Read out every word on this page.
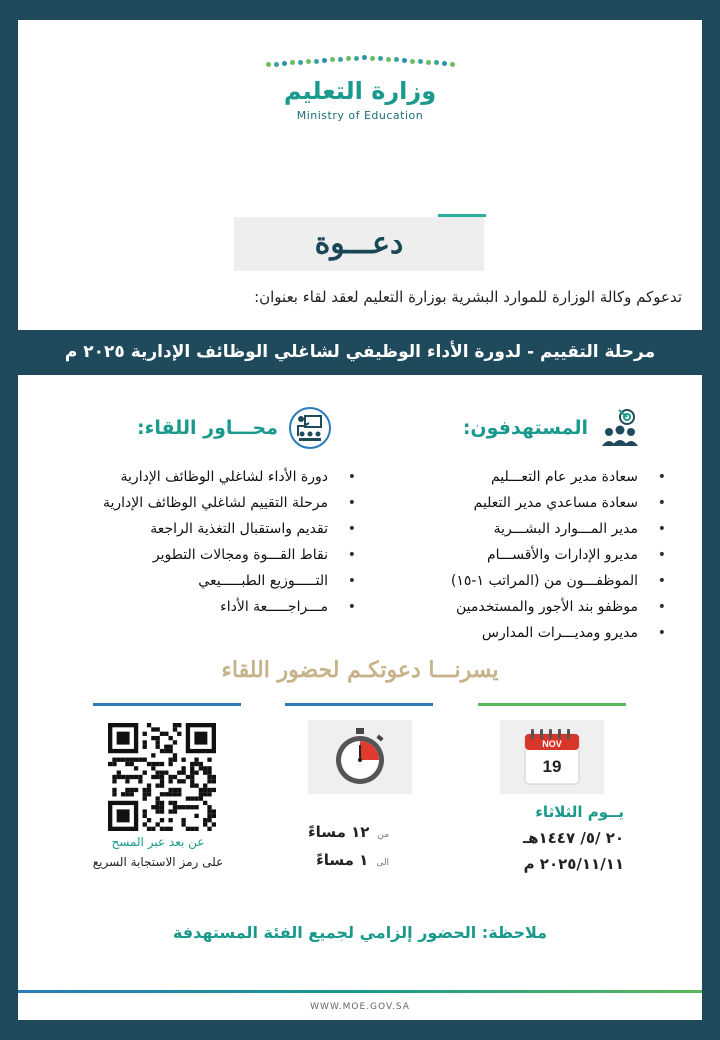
وزارة التعليم
Ministry of Education
دعـــوة
تدعوكم وكالة الوزارة للموارد البشرية بوزارة التعليم لعقد لقاء بعنوان:
مرحلة التقييم - لدورة الأداء الوظيفي لشاغلي الوظائف الإدارية ٢٠٢٥ م
المستهدفون:
• سعادة مدير عام التعـــليم
• سعادة مساعدي مدير التعليم
• مدير المـــوارد البشـــرية
• مديرو الإدارات والأقســـام
• الموظفـــون من (المراتب ١-١٥)
• موظفو بند الأجور والمستخدمين
• مديرو ومديـــرات المدارس
محـــاور اللقاء:
• دورة الأداء لشاغلي الوظائف الإدارية
• مرحلة التقييم لشاغلي الوظائف الإدارية
• تقديم واستقبال التغذية الراجعة
• نقاط القـــوة ومجالات التطوير
• التـــــوزيع الطبـــــيعي
• مـــراجـــــعة الأداء
يسرنـــا دعوتكـم لحضور اللقاء
NOV
19
يــوم الثلاثاء
٢٠ /٥/ ١٤٤٧هـ
٢٠٢٥/١١/١١ م
من
١٢ مساءً
الى
١ مساءً
عن بعد عبر المسح
على رمز الاستجابة السريع
ملاحظة: الحضور إلزامي لجميع الفئة المستهدفة
WWW.MOE.GOV.SA
